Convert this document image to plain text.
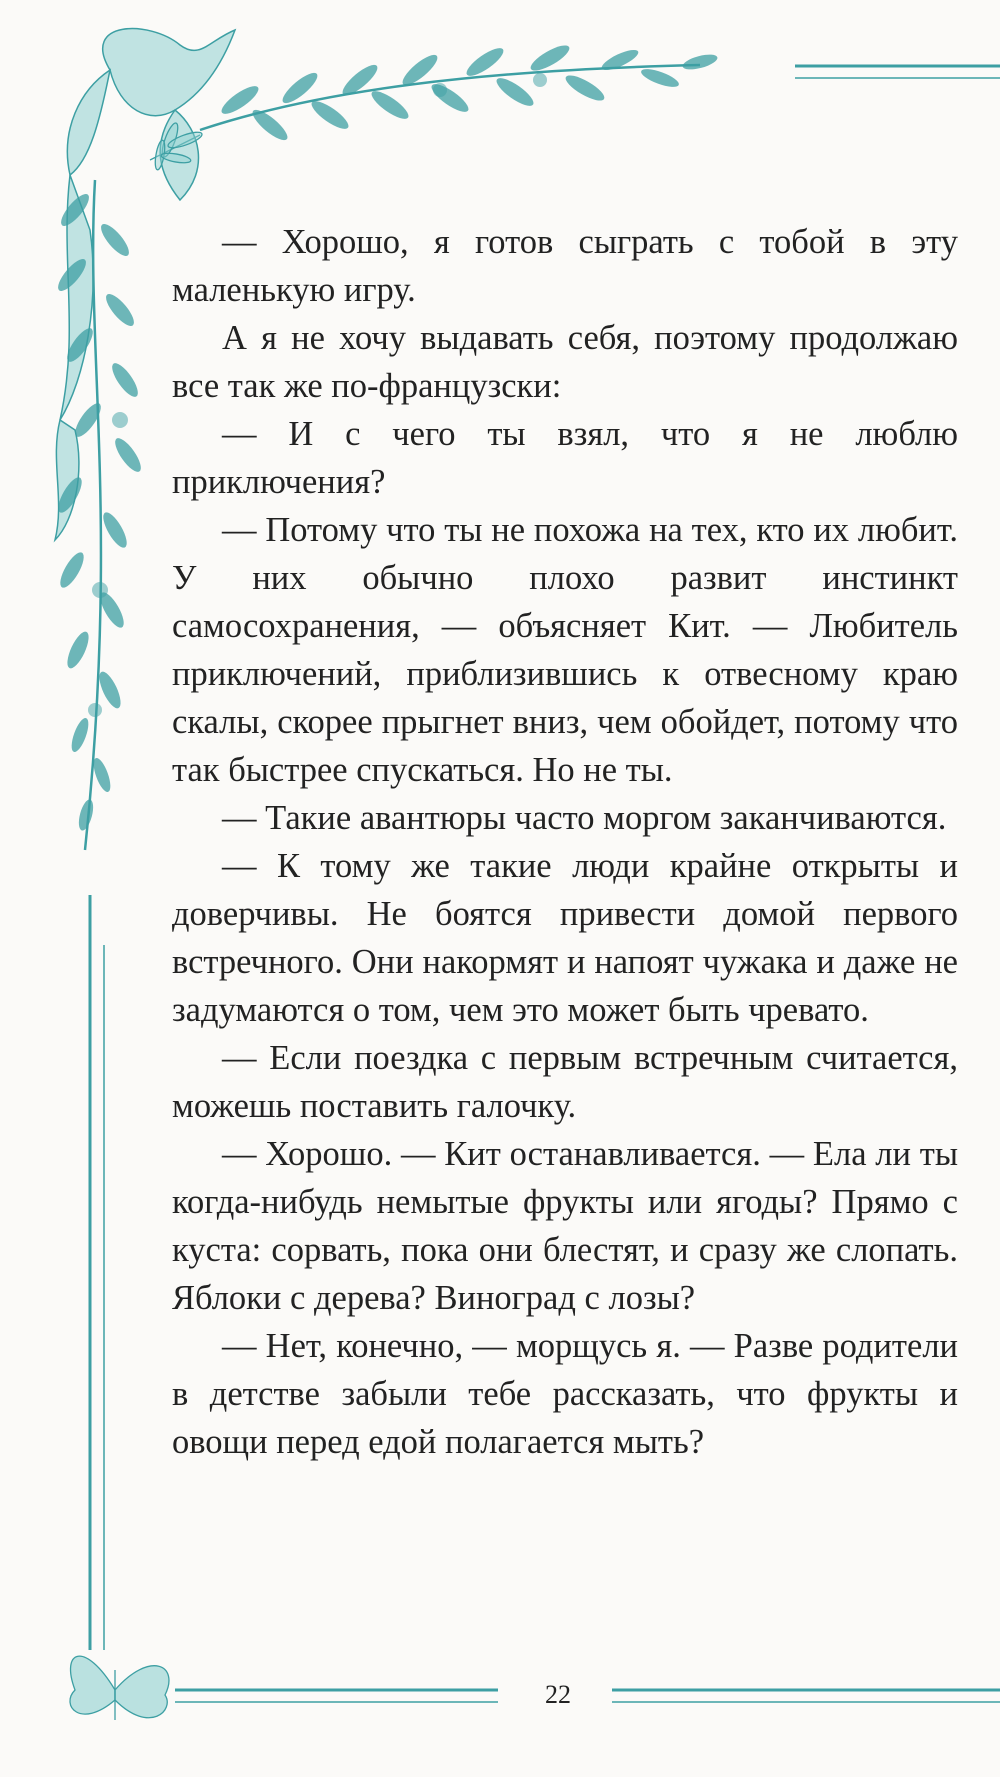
— Хорошо, я готов сыграть с тобой в эту маленькую игру.

А я не хочу выдавать себя, поэтому продолжаю все так же по-французски:

— И с чего ты взял, что я не люблю приключения?

— Потому что ты не похожа на тех, кто их любит. У них обычно плохо развит инстинкт самосохранения, — объясняет Кит. — Любитель приключений, приблизившись к отвесному краю скалы, скорее прыгнет вниз, чем обойдет, потому что так быстрее спускаться. Но не ты.

— Такие авантюры часто моргом заканчиваются.

— К тому же такие люди крайне открыты и доверчивы. Не боятся привести домой первого встречного. Они накормят и напоят чужака и даже не задумаются о том, чем это может быть чревато.

— Если поездка с первым встречным считается, можешь поставить галочку.

— Хорошо. — Кит останавливается. — Ела ли ты когда-нибудь немытые фрукты или ягоды? Прямо с куста: сорвать, пока они блестят, и сразу же слопать. Яблоки с дерева? Виноград с лозы?

— Нет, конечно, — морщусь я. — Разве родители в детстве забыли тебе рассказать, что фрукты и овощи перед едой полагается мыть?

22
